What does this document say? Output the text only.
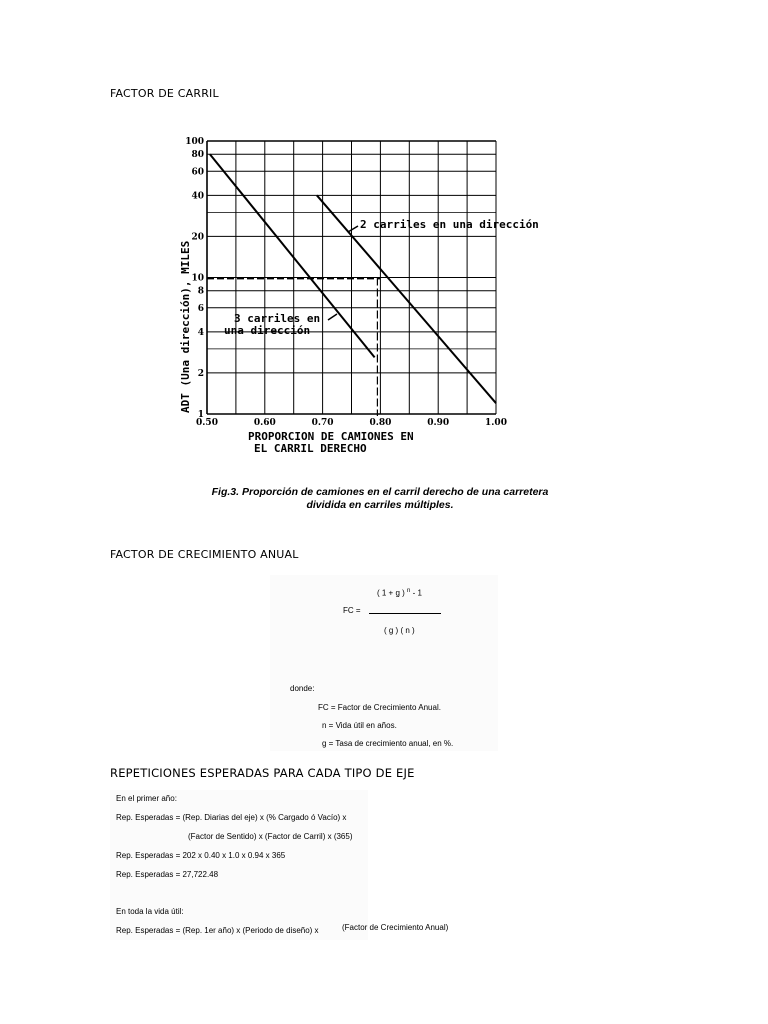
FACTOR DE CARRIL
0.50	0.60	0.70	0.80	0.90	1.00
100
80
60
40
20
10
8
6
4
2
1
ADT (Una dirección), MILES
PROPORCION DE CAMIONES EN
EL CARRIL DERECHO
2 carriles en una dirección
3 carriles en
una dirección
Fig.3. Proporción de camiones en el carril derecho de una carretera
dividida en carriles múltiples.
FACTOR DE CRECIMIENTO ANUAL
( 1 + g ) $^n$ - 1
FC =
( g ) ( n )
donde:
FC = Factor de Crecimiento Anual.
n = Vida útil en años.
g = Tasa de crecimiento anual, en %.
REPETICIONES ESPERADAS PARA CADA TIPO DE EJE
En el primer año:
Rep. Esperadas = (Rep. Diarias del eje) x (% Cargado ó Vacío) x
(Factor de Sentido) x (Factor de Carril) x (365)
Rep. Esperadas = 202 x 0.40 x 1.0 x 0.94 x 365
Rep. Esperadas = 27,722.48
En toda la vida útil:
Rep. Esperadas = (Rep. 1er año) x (Periodo de diseño) x	(Factor de Crecimiento Anual)
